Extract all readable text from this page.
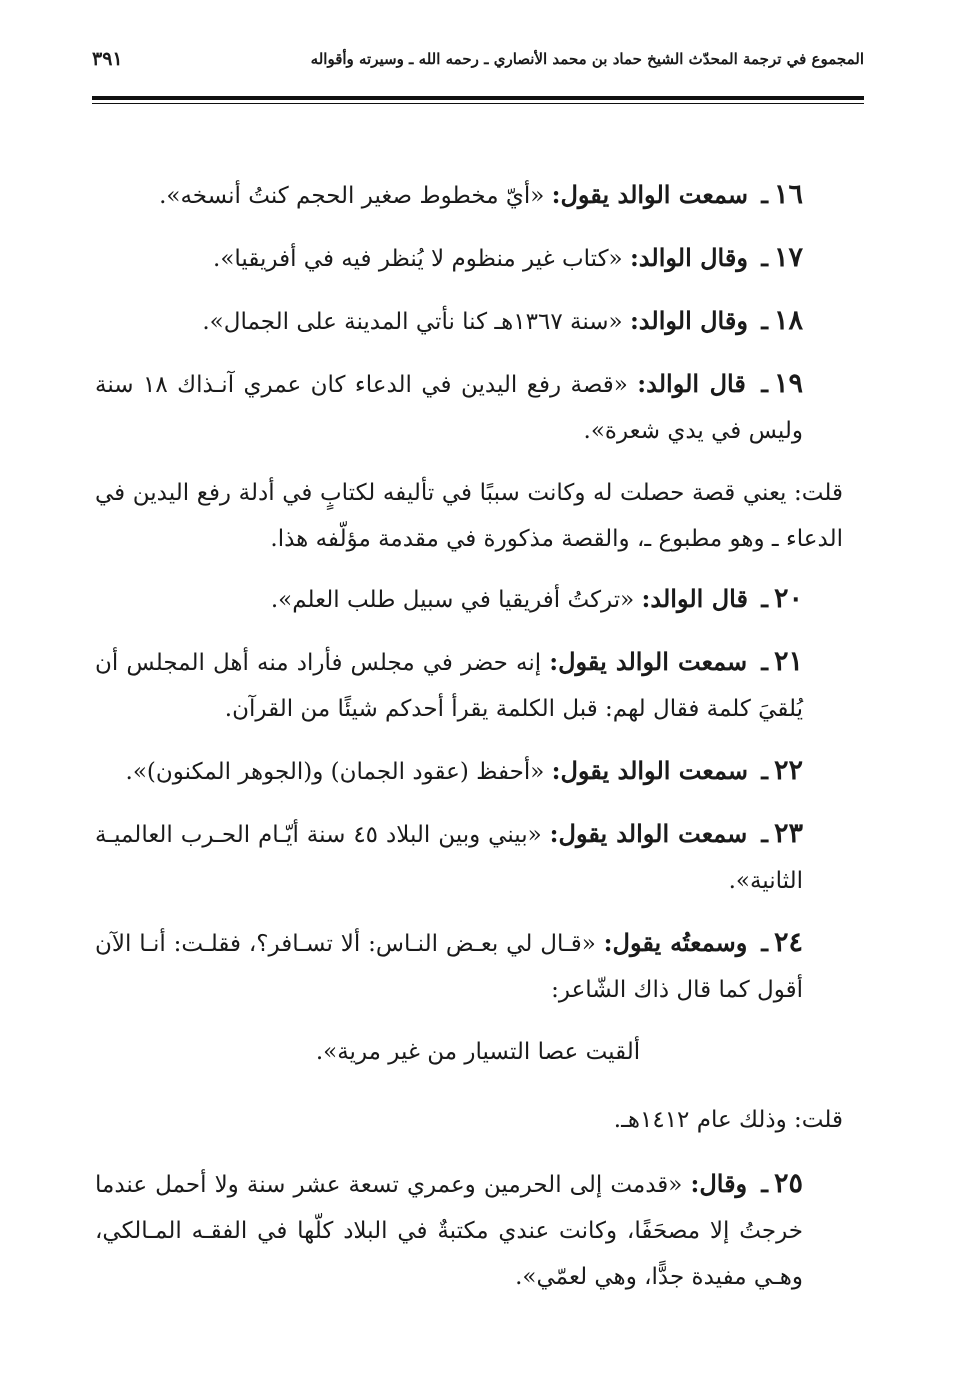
المجموع في ترجمة المحدّث الشيخ حماد بن محمد الأنصاري ـ رحمه الله ـ وسيرته وأقواله
٣٩١

١٦ـ سمعت الوالد يقول: «أيّ مخطوط صغير الحجم كنتُ أنسخه».

١٧ـ وقال الوالد: «كتاب غير منظوم لا يُنظر فيه في أفريقيا».

١٨ـ وقال الوالد: «سنة ١٣٦٧هـ كنا نأتي المدينة على الجمال».

١٩ـ قال الوالد: «قصة رفع اليدين في الدعاء كان عمري آنـذاك ١٨ سنة وليس في يدي شعرة».

قلت: يعني قصة حصلت له وكانت سببًا في تأليفه لكتابٍ في أدلة رفع اليدين في الدعاء ـ وهو مطبوع ـ، والقصة مذكورة في مقدمة مؤلّفه هذا.

٢٠ـ قال الوالد: «تركتُ أفريقيا في سبيل طلب العلم».

٢١ـ سمعت الوالد يقول: إنه حضر في مجلس فأراد منه أهل المجلس أن يُلقيَ كلمة فقال لهم: قبل الكلمة يقرأ أحدكم شيئًا من القرآن.

٢٢ـ سمعت الوالد يقول: «أحفظ (عقود الجمان) و(الجوهر المكنون)».

٢٣ـ سمعت الوالد يقول: «بيني وبين البلاد ٤٥ سنة أيّـام الحـرب العالميـة الثانية».

٢٤ـ وسمعتُه يقول: «قـال لي بعـض النـاس: ألا تسـافر؟، فقلـت: أنـا الآن أقول كما قال ذاك الشّاعر:

ألقيت عصا التسيار من غير مرية».

قلت: وذلك عام ١٤١٢هـ.

٢٥ـ وقال: «قدمت إلى الحرمين وعمري تسعة عشر سنة ولا أحمل عندما خرجتُ إلا مصحَفًا، وكانت عندي مكتبةٌ في البلاد كلّها في الفقـه المـالكي، وهـي مفيدة جدًّا، وهي لعمّي».
